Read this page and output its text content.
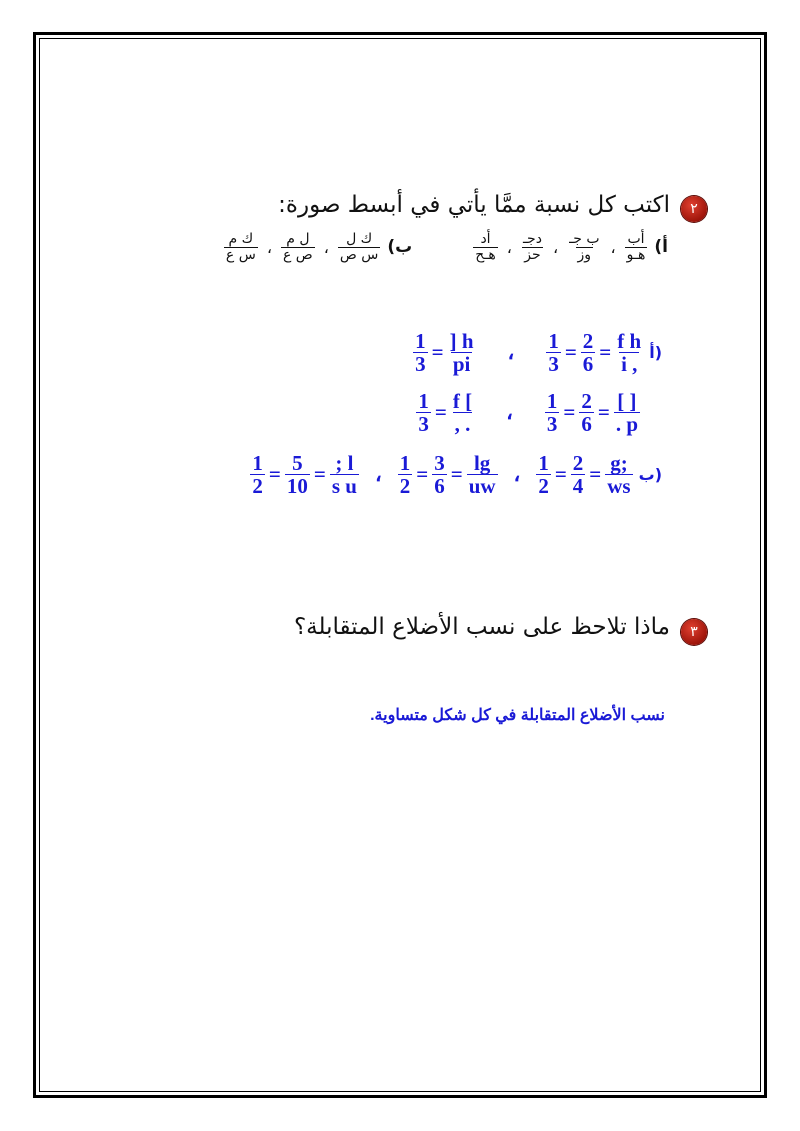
٢
اكتب كل نسبة ممَّا يأتي في أبسط صورة:
أ)
$\frac{\text{أب}}{\text{هـو}}$
،
$\frac{\text{ب جـ}}{\text{وز}}$
،
$\frac{\text{دجـ}}{\text{حز}}$
،
$\frac{\text{أد}}{\text{هـح}}$
ب)
$\frac{\text{ك ل}}{\text{س ص}}$
،
$\frac{\text{ل م}}{\text{ص ع}}$
،
$\frac{\text{ك م}}{\text{س ع}}$
$\frac{1}{3} = \frac{] h}{pi}$ ، $\frac{1}{3} = \frac{2}{6} = \frac{\text{f h}}{i ,}$ أ)
$\frac{1}{3} = \frac{f [}{, .}$ ، $\frac{1}{3} = \frac{2}{6} = \frac{[ ]}{. p}$
$\frac{1}{2} = \frac{5}{10} = \frac{; l}{\text{s u}}$ ، $\frac{1}{2} = \frac{3}{6} = \frac{\lg}{uw}$ ، $\frac{1}{2} = \frac{2}{4} = \frac{g;}{ws}$ ب)
٣
ماذا تلاحظ على نسب الأضلاع المتقابلة؟
نسب الأضلاع المتقابلة في كل شكل متساوية.
